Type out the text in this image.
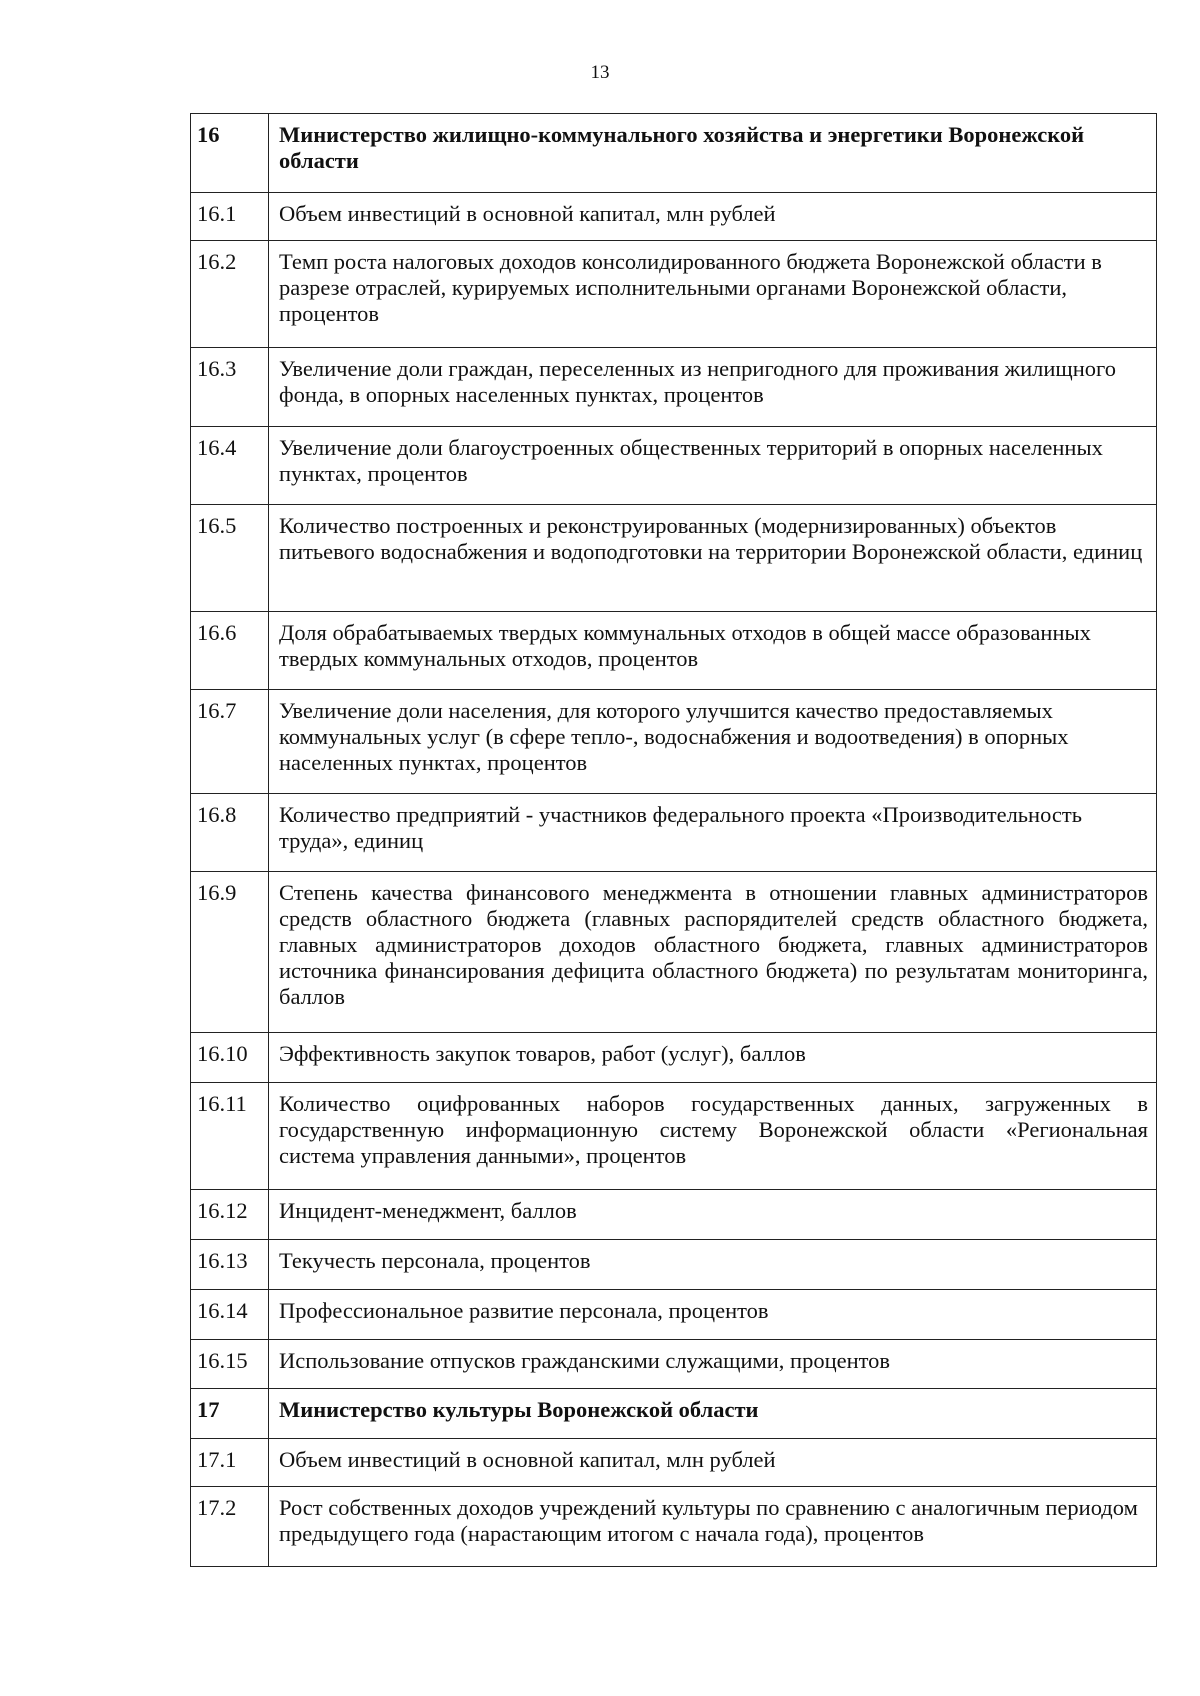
13
16	Министерство жилищно-коммунального хозяйства и энергетики Воронежской области
16.1	Объем инвестиций в основной капитал, млн рублей
16.2	Темп роста налоговых доходов консолидированного бюджета Воронежской области в разрезе отраслей, курируемых исполнительными органами Воронежской области, процентов
16.3	Увеличение доли граждан, переселенных из непригодного для проживания жилищного фонда, в опорных населенных пунктах, процентов
16.4	Увеличение доли благоустроенных общественных территорий в опорных населенных пунктах, процентов
16.5	Количество построенных и реконструированных (модернизированных) объектов питьевого водоснабжения и водоподготовки на территории Воронежской области, единиц
16.6	Доля обрабатываемых твердых коммунальных отходов в общей массе образованных твердых коммунальных отходов, процентов
16.7	Увеличение доли населения, для которого улучшится качество предоставляемых коммунальных услуг (в сфере тепло-, водоснабжения и водоотведения) в опорных населенных пунктах, процентов
16.8	Количество предприятий - участников федерального проекта «Производительность труда», единиц
16.9	Степень качества финансового менеджмента в отношении главных администраторов средств областного бюджета (главных распорядителей средств областного бюджета, главных администраторов доходов областного бюджета, главных администраторов источника финансирования дефицита областного бюджета) по результатам мониторинга, баллов
16.10	Эффективность закупок товаров, работ (услуг), баллов
16.11	Количество оцифрованных наборов государственных данных, загруженных в государственную информационную систему Воронежской области «Региональная система управления данными», процентов
16.12	Инцидент-менеджмент, баллов
16.13	Текучесть персонала, процентов
16.14	Профессиональное развитие персонала, процентов
16.15	Использование отпусков гражданскими служащими, процентов
17	Министерство культуры Воронежской области
17.1	Объем инвестиций в основной капитал, млн рублей
17.2	Рост собственных доходов учреждений культуры по сравнению с аналогичным периодом предыдущего года (нарастающим итогом с начала года), процентов
